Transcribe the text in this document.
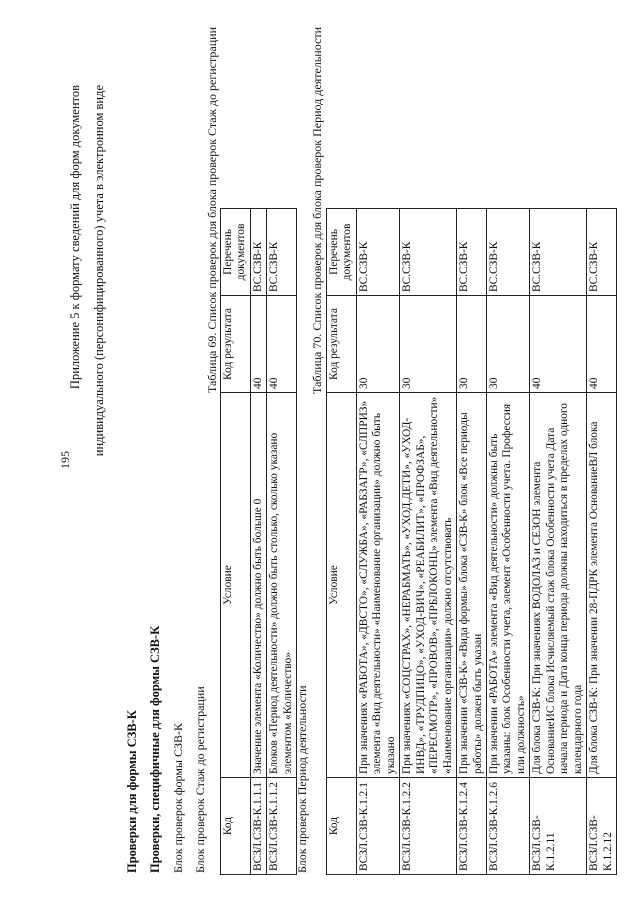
195
Приложение 5 к форматy сведений для форм документов индивидуального (персонифицированного) учета в электронном виде
Проверки для формы СЗВ-К Проверки, специфичные для формы СЗВ-К Блок проверок формы СЗВ-К Блок проверок Стаж до регистрации
Таблица 69. Список проверок для блока проверок Стаж до регистрации
Код	Условие	Код результата	Перечень документов
ВСЗЛ.СЗВ-К.1.1.1	Значение элемента «Количество» должно быть больше 0	40	ВС.СЗВ-К
ВСЗЛ.СЗВ-К.1.1.2	Блоков «Период деятельности» должно быть столько, сколько указано элементом «Количество»	40	ВС.СЗВ-К
Блок проверок Период деятельности
Таблица 70. Список проверок для блока проверок Период деятельности
Код	Условие	Код результата	Перечень документов
ВСЗЛ.СЗВ-К.1.2.1	При значениях «РАБОТА», «ДВСТО», «СЛУЖБА», «РАБЗАГР», «СЛПРИЗ» элемента «Вид деятельности» «Наименование организации» должно быть указано	30	ВС.СЗВ-К
ВСЗЛ.СЗВ-К.1.2.2	При значениях «СОЦСТРАХ», «НЕРАБМАТЬ», «УХОД.ДЕТИ», «УХОД-ИНВД», «ТРУДПИЦО», «УХОД-ВИЧ», «РЕАБИЛИТ», «ПРОФЗАБ», «ПЕРЕСМОТР», «ПРОВОВ», «ПРБЛОКОНЦ» элемента «Вид деятельности» «Наименование организации» должно отсутствовать	30	ВС.СЗВ-К
ВСЗЛ.СЗВ-К.1.2.4	При значении «СЗВ-К» «Вида формы» блока «СЗВ-К» блок «Все периоды работы» должен быть указан	30	ВС.СЗВ-К
ВСЗЛ.СЗВ-К.1.2.6	При значении «РАБОТА» элемента «Вид деятельности» должны быть указаны: блок Особенности учета, элемент «Особенности учета. Профессия или должность»	30	ВС.СЗВ-К
ВСЗЛ.СЗВ-К.1.2.11	Для блока СЗВ-К: При значениях ВОДОЛАЗ и СЕЗОН элемента ОснованиеИС блока Исчисляемый стаж блока Особенности учета Дата начала периода и Дата конца периода должны находиться в пределах одного календарного года	40	ВС.СЗВ-К
ВСЗЛ.СЗВ-К.1.2.12	Для блока СЗВ-К: При значении 28-ПДРК элемента ОснованиеВЛ блока	40	ВС.СЗВ-К
